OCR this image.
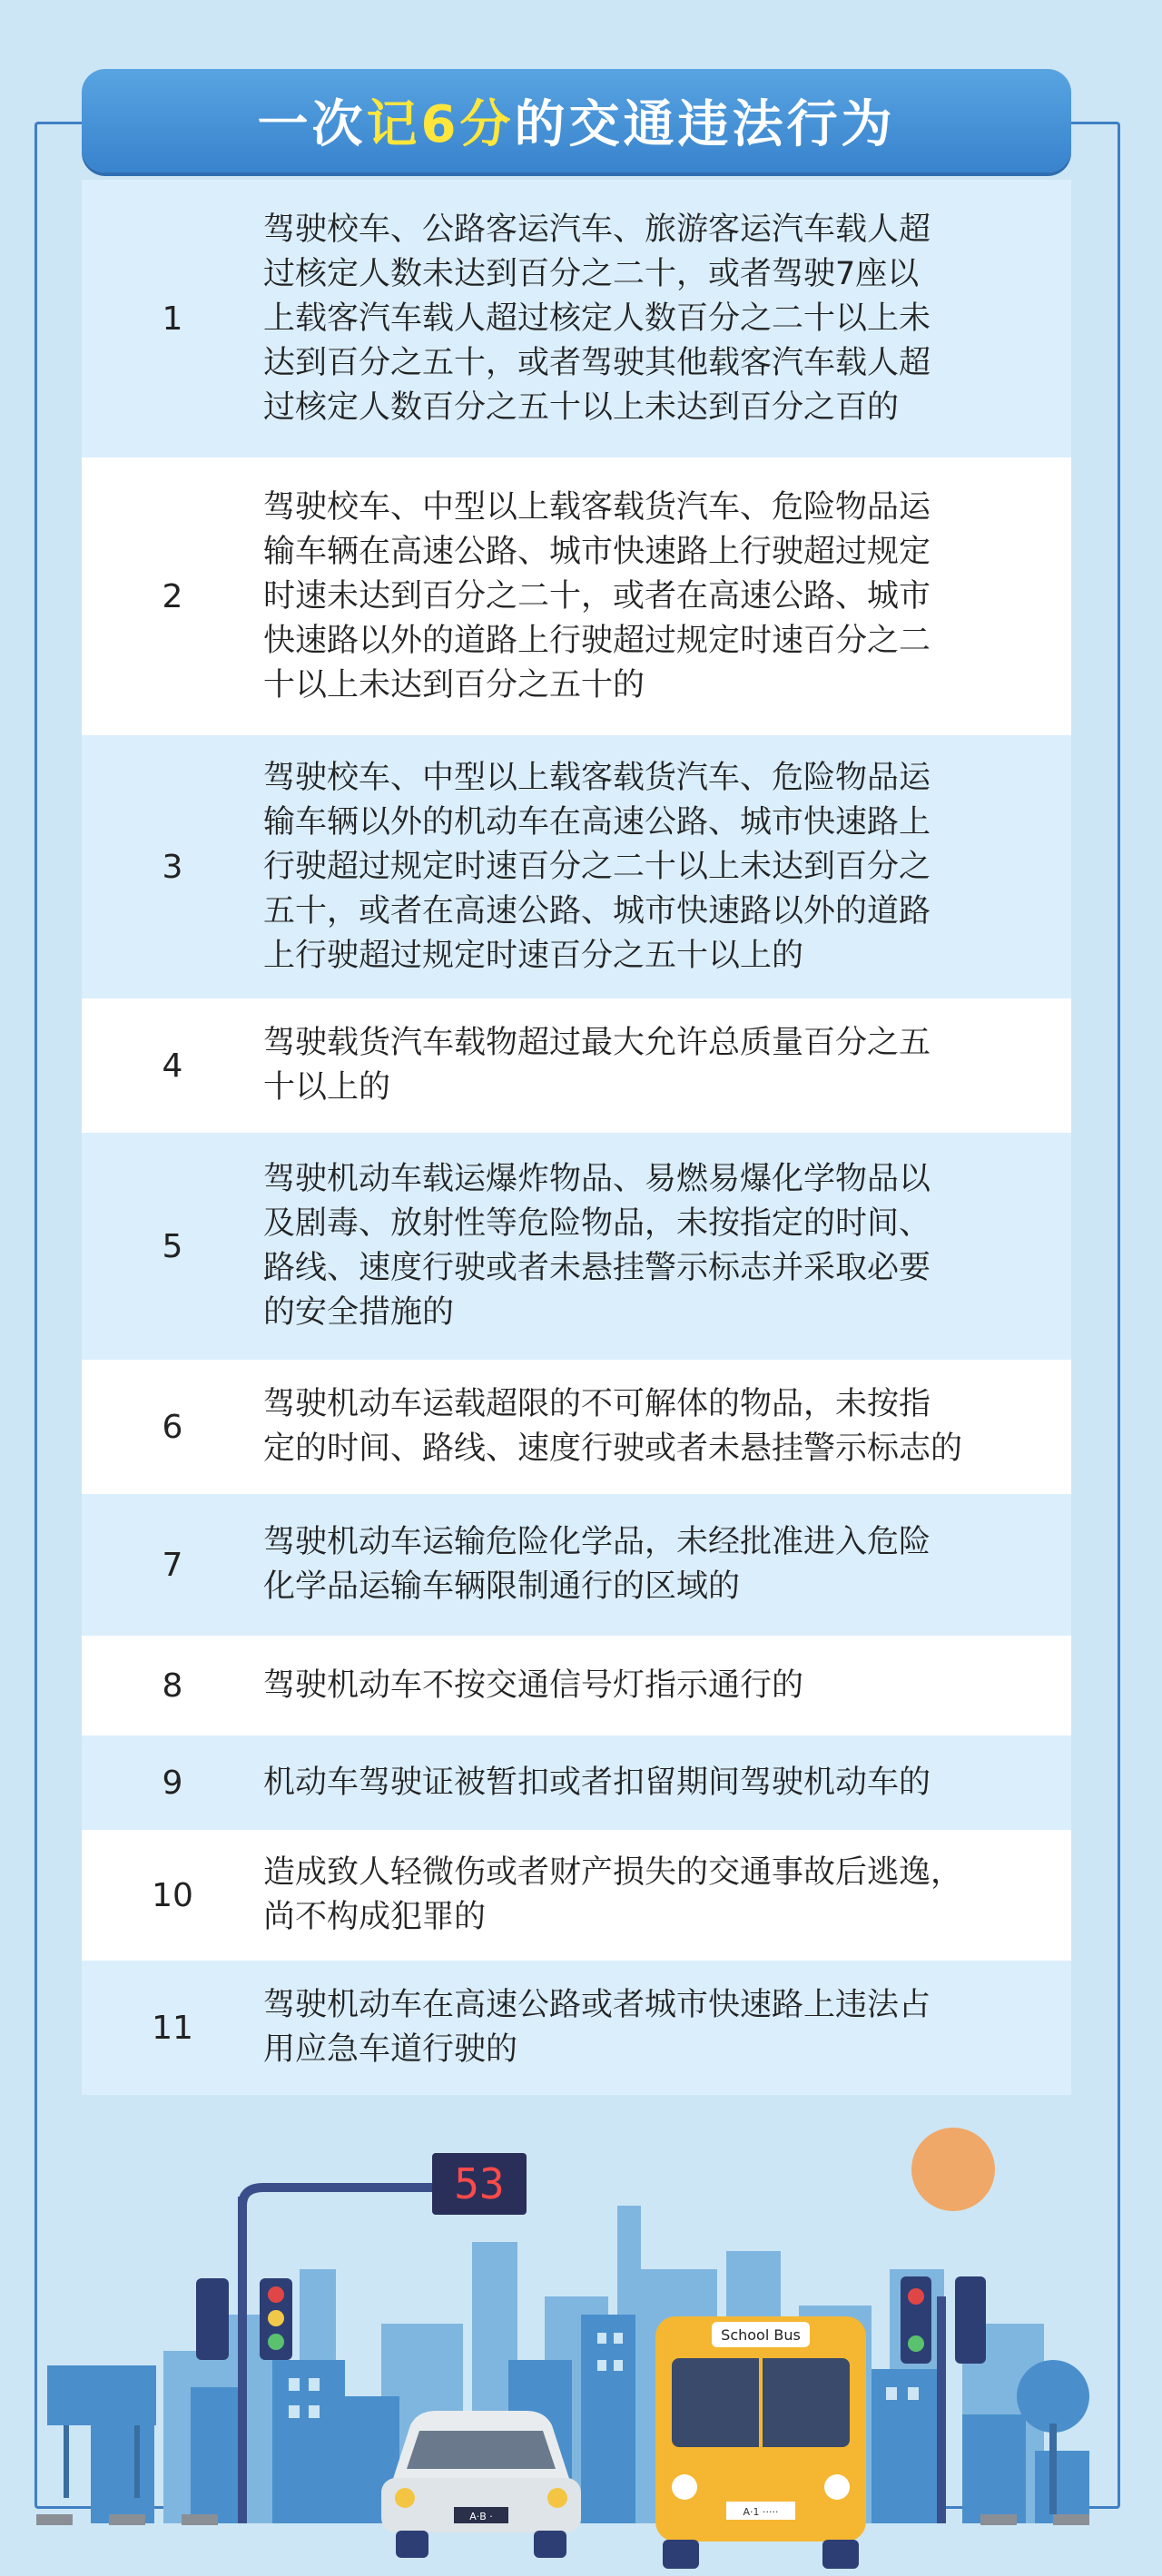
一次 记6分 的交通违法行为
1
驾驶校车、公路客运汽车、旅游客运汽车载人超
过核定人数未达到百分之二十，或者驾驶7座以
上载客汽车载人超过核定人数百分之二十以上未
达到百分之五十，或者驾驶其他载客汽车载人超
过核定人数百分之五十以上未达到百分之百的
2
驾驶校车、中型以上载客载货汽车、危险物品运
输车辆在高速公路、城市快速路上行驶超过规定
时速未达到百分之二十，或者在高速公路、城市
快速路以外的道路上行驶超过规定时速百分之二
十以上未达到百分之五十的
3
驾驶校车、中型以上载客载货汽车、危险物品运
输车辆以外的机动车在高速公路、城市快速路上
行驶超过规定时速百分之二十以上未达到百分之
五十，或者在高速公路、城市快速路以外的道路
上行驶超过规定时速百分之五十以上的
4
驾驶载货汽车载物超过最大允许总质量百分之五
十以上的
5
驾驶机动车载运爆炸物品、易燃易爆化学物品以
及剧毒、放射性等危险物品，未按指定的时间、
路线、速度行驶或者未悬挂警示标志并采取必要
的安全措施的
6
驾驶机动车运载超限的不可解体的物品，未按指
定的时间、路线、速度行驶或者未悬挂警示标志的
7
驾驶机动车运输危险化学品，未经批准进入危险
化学品运输车辆限制通行的区域的
8	驾驶机动车不按交通信号灯指示通行的
9	机动车驾驶证被暂扣或者扣留期间驾驶机动车的
10
造成致人轻微伤或者财产损失的交通事故后逃逸，
尚不构成犯罪的
11
驾驶机动车在高速公路或者城市快速路上违法占
用应急车道行驶的
53
A·B ·
School Bus
A·1 ·····
